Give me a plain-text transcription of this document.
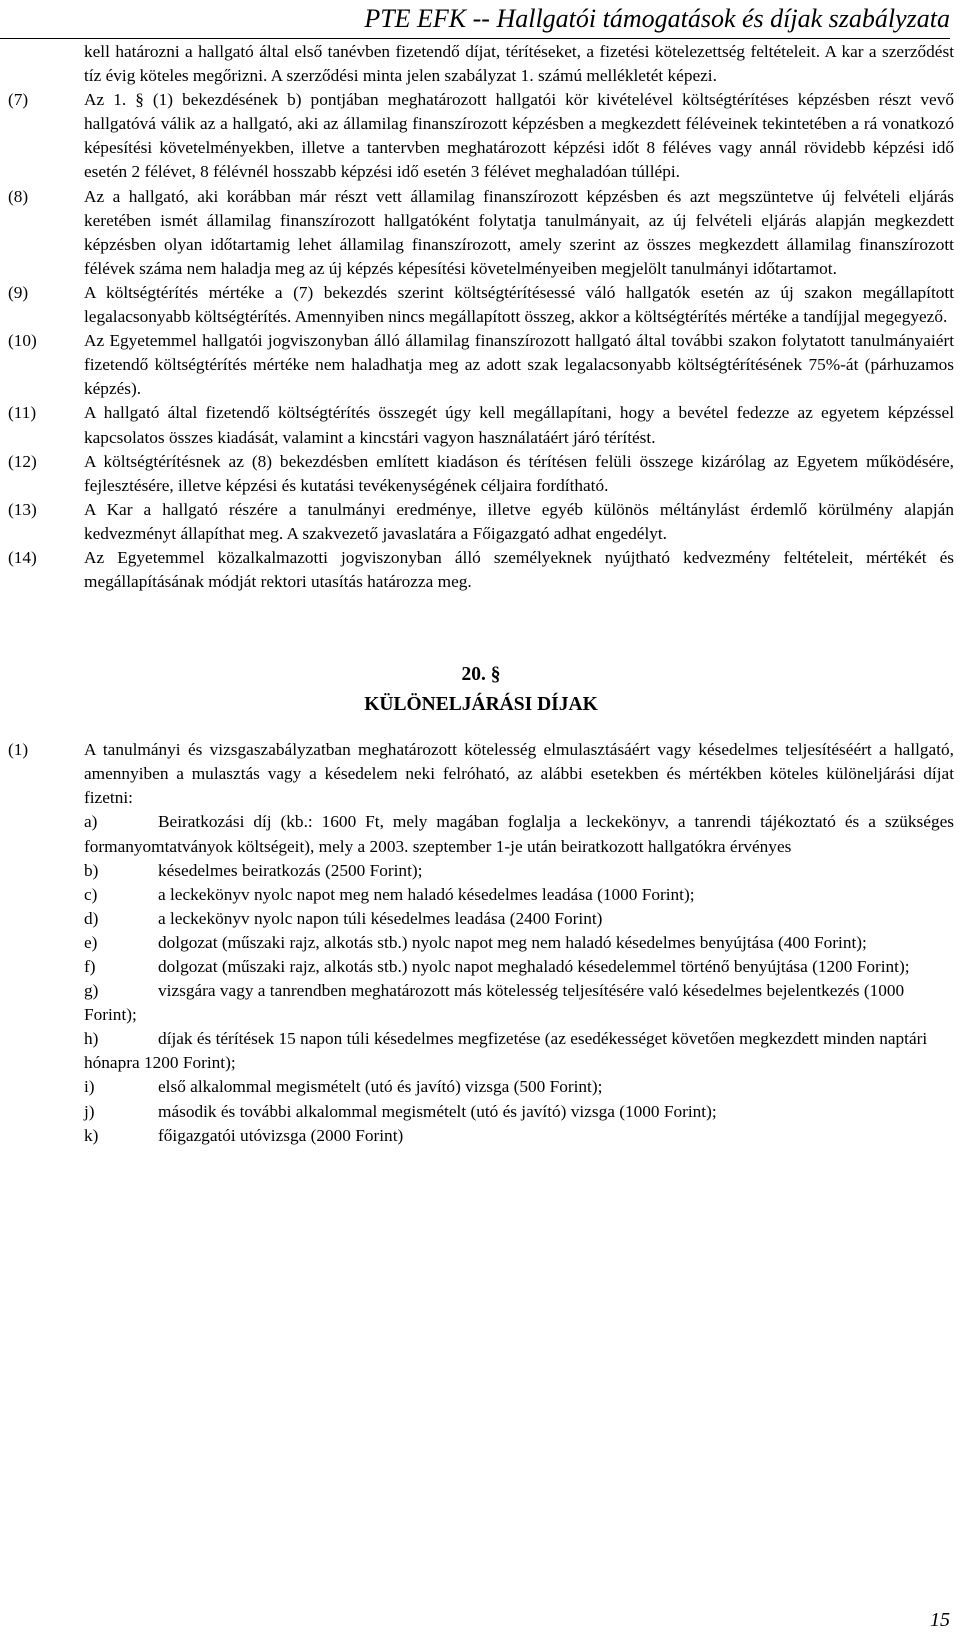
PTE EFK -- Hallgatói támogatások és díjak szabályzata
kell határozni a hallgató által első tanévben fizetendő díjat, térítéseket, a fizetési kötelezettség feltételeit. A kar a szerződést tíz évig köteles megőrizni. A szerződési minta jelen szabályzat 1. számú mellékletét képezi.
(7)	Az 1. § (1) bekezdésének b) pontjában meghatározott hallgatói kör kivételével költségtérítéses képzésben részt vevő hallgatóvá válik az a hallgató, aki az államilag finanszírozott képzésben a megkezdett féléveinek tekintetében a rá vonatkozó képesítési követelményekben, illetve a tantervben meghatározott képzési időt 8 féléves vagy annál rövidebb képzési idő esetén 2 félévet, 8 félévnél hosszabb képzési idő esetén 3 félévet meghaladóan túllépi.
(8)	Az a hallgató, aki korábban már részt vett államilag finanszírozott képzésben és azt megszüntetve új felvételi eljárás keretében ismét államilag finanszírozott hallgatóként folytatja tanulmányait, az új felvételi eljárás alapján megkezdett képzésben olyan időtartamig lehet államilag finanszírozott, amely szerint az összes megkezdett államilag finanszírozott félévek száma nem haladja meg az új képzés képesítési követelményeiben megjelölt tanulmányi időtartamot.
(9)	A költségtérítés mértéke a (7) bekezdés szerint költségtérítésessé váló hallgatók esetén az új szakon megállapított legalacsonyabb költségtérítés. Amennyiben nincs megállapított összeg, akkor a költségtérítés mértéke a tandíjjal megegyező.
(10)	Az Egyetemmel hallgatói jogviszonyban álló államilag finanszírozott hallgató által további szakon folytatott tanulmányaiért fizetendő költségtérítés mértéke nem haladhatja meg az adott szak legalacsonyabb költségtérítésének 75%-át (párhuzamos képzés).
(11)	A hallgató által fizetendő költségtérítés összegét úgy kell megállapítani, hogy a bevétel fedezze az egyetem képzéssel kapcsolatos összes kiadását, valamint a kincstári vagyon használatáért járó térítést.
(12)	A költségtérítésnek az (8) bekezdésben említett kiadáson és térítésen felüli összege kizárólag az Egyetem működésére, fejlesztésére, illetve képzési és kutatási tevékenységének céljaira fordítható.
(13)	A Kar a hallgató részére a tanulmányi eredménye, illetve egyéb különös méltánylást érdemlő körülmény alapján kedvezményt állapíthat meg. A szakvezető javaslatára a Főigazgató adhat engedélyt.
(14)	Az Egyetemmel közalkalmazotti jogviszonyban álló személyeknek nyújtható kedvezmény feltételeit, mértékét és megállapításának módját rektori utasítás határozza meg.
20. §
KÜLÖNELJÁRÁSI DÍJAK
(1)	A tanulmányi és vizsgaszabályzatban meghatározott kötelesség elmulasztásáért vagy késedelmes teljesítéséért a hallgató, amennyiben a mulasztás vagy a késedelem neki felróható, az alábbi esetekben és mértékben köteles különeljárási díjat fizetni:
a)	Beiratkozási díj (kb.: 1600 Ft, mely magában foglalja a leckekönyv, a tanrendi tájékoztató és a szükséges formanyomtatványok költségeit), mely a 2003. szeptember 1-je után beiratkozott hallgatókra érvényes
b)	késedelmes beiratkozás (2500 Forint);
c)	a leckekönyv nyolc napot meg nem haladó késedelmes leadása (1000 Forint);
d)	a leckekönyv nyolc napon túli késedelmes leadása (2400 Forint)
e)	dolgozat (műszaki rajz, alkotás stb.) nyolc napot meg nem haladó késedelmes benyújtása (400 Forint);
f)	dolgozat (műszaki rajz, alkotás stb.) nyolc napot meghaladó késedelemmel történő benyújtása (1200 Forint);
g)	vizsgára vagy a tanrendben meghatározott más kötelesség teljesítésére való késedelmes bejelentkezés (1000 Forint);
h)	díjak és térítések 15 napon túli késedelmes megfizetése (az esedékességet követően megkezdett minden naptári hónapra 1200 Forint);
i)	első alkalommal megismételt (utó és javító) vizsga (500 Forint);
j)	második és további alkalommal megismételt (utó és javító) vizsga (1000 Forint);
k)	főigazgatói utóvizsga (2000 Forint)
15
